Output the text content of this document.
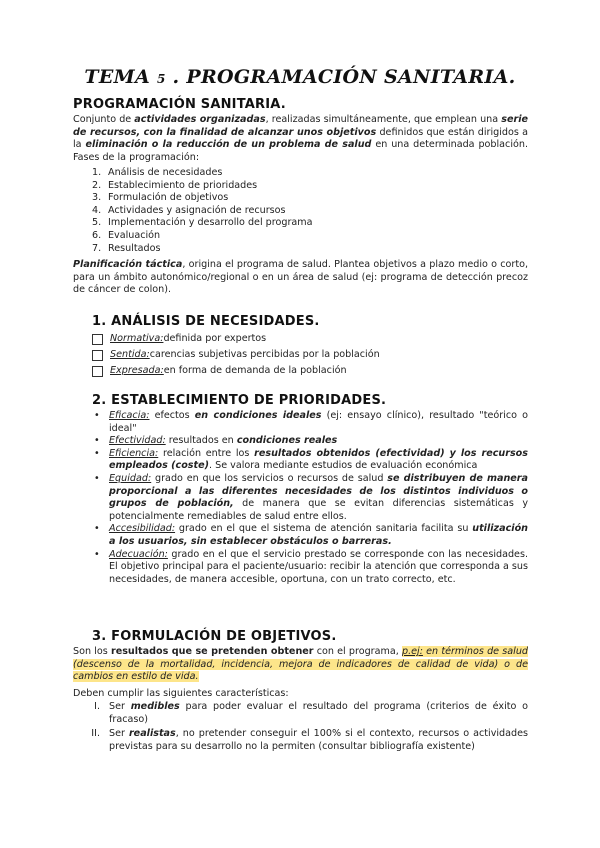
TEMA 5 . PROGRAMACIÓN SANITARIA.
PROGRAMACIÓN SANITARIA.
Conjunto de actividades organizadas, realizadas simultáneamente, que emplean una serie de recursos, con la finalidad de alcanzar unos objetivos definidos que están dirigidos a la eliminación o la reducción de un problema de salud en una determinada población. Fases de la programación:
1. Análisis de necesidades
2. Establecimiento de prioridades
3. Formulación de objetivos
4. Actividades y asignación de recursos
5. Implementación y desarrollo del programa
6. Evaluación
7. Resultados
Planificación táctica, origina el programa de salud. Plantea objetivos a plazo medio o corto, para un ámbito autonómico/regional o en un área de salud (ej: programa de detección precoz de cáncer de colon).
1. ANÁLISIS DE NECESIDADES.
Normativa: definida por expertos
Sentida: carencias subjetivas percibidas por la población
Expresada: en forma de demanda de la población
2. ESTABLECIMIENTO DE PRIORIDADES.
• Eficacia: efectos en condiciones ideales (ej: ensayo clínico), resultado "teórico o ideal"
• Efectividad: resultados en condiciones reales
• Eficiencia: relación entre los resultados obtenidos (efectividad) y los recursos empleados (coste). Se valora mediante estudios de evaluación económica
• Equidad: grado en que los servicios o recursos de salud se distribuyen de manera proporcional a las diferentes necesidades de los distintos individuos o grupos de población, de manera que se evitan diferencias sistemáticas y potencialmente remediables de salud entre ellos.
• Accesibilidad: grado en el que el sistema de atención sanitaria facilita su utilización a los usuarios, sin establecer obstáculos o barreras.
• Adecuación: grado en el que el servicio prestado se corresponde con las necesidades. El objetivo principal para el paciente/usuario: recibir la atención que corresponda a sus necesidades, de manera accesible, oportuna, con un trato correcto, etc.
3. FORMULACIÓN DE OBJETIVOS.
Son los resultados que se pretenden obtener con el programa, p.ej: en términos de salud (descenso de la mortalidad, incidencia, mejora de indicadores de calidad de vida) o de cambios en estilo de vida.
Deben cumplir las siguientes características:
I. Ser medibles para poder evaluar el resultado del programa (criterios de éxito o fracaso)
II. Ser realistas, no pretender conseguir el 100% si el contexto, recursos o actividades previstas para su desarrollo no la permiten (consultar bibliografía existente)
